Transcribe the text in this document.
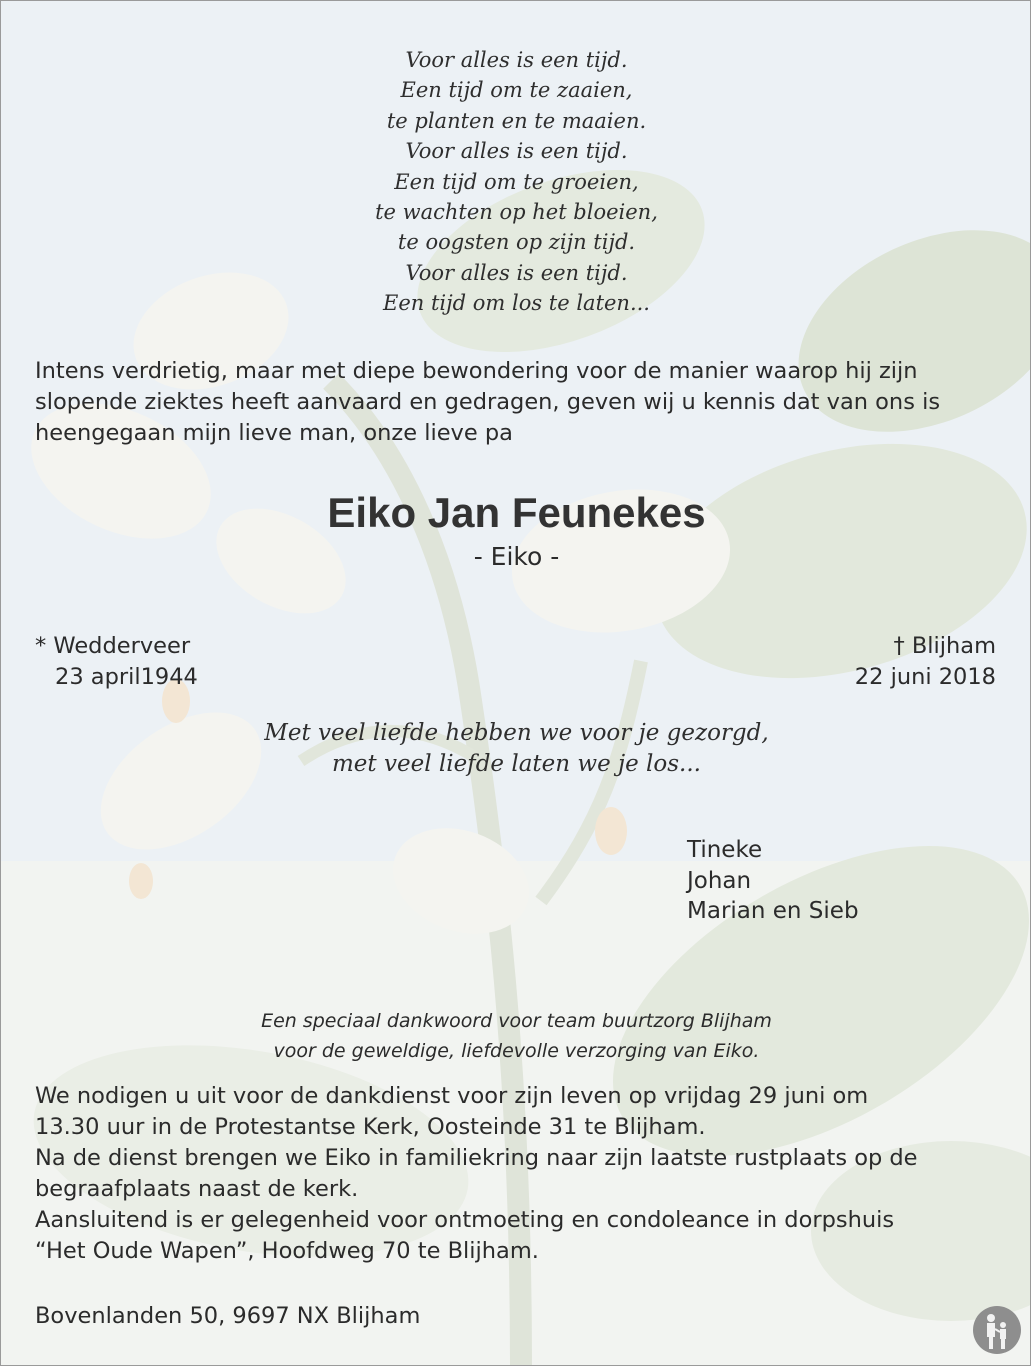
Voor alles is een tijd.
Een tijd om te zaaien,
te planten en te maaien.
Voor alles is een tijd.
Een tijd om te groeien,
te wachten op het bloeien,
te oogsten op zijn tijd.
Voor alles is een tijd.
Een tijd om los te laten...
Intens verdrietig, maar met diepe bewondering voor de manier waarop hij zijn
slopende ziektes heeft aanvaard en gedragen, geven wij u kennis dat van ons is
heengegaan mijn lieve man, onze lieve pa
Eiko Jan Feunekes
- Eiko -
* Wedderveer
23 april1944
† Blijham
22 juni 2018
Met veel liefde hebben we voor je gezorgd,
met veel liefde laten we je los...
Tineke
Johan
Marian en Sieb
Een speciaal dankwoord voor team buurtzorg Blijham
voor de geweldige, liefdevolle verzorging van Eiko.
We nodigen u uit voor de dankdienst voor zijn leven op vrijdag 29 juni om
13.30 uur in de Protestantse Kerk, Oosteinde 31 te Blijham.
Na de dienst brengen we Eiko in familiekring naar zijn laatste rustplaats op de
begraafplaats naast de kerk.
Aansluitend is er gelegenheid voor ontmoeting en condoleance in dorpshuis
“Het Oude Wapen”, Hoofdweg 70 te Blijham.
Bovenlanden 50, 9697 NX Blijham
